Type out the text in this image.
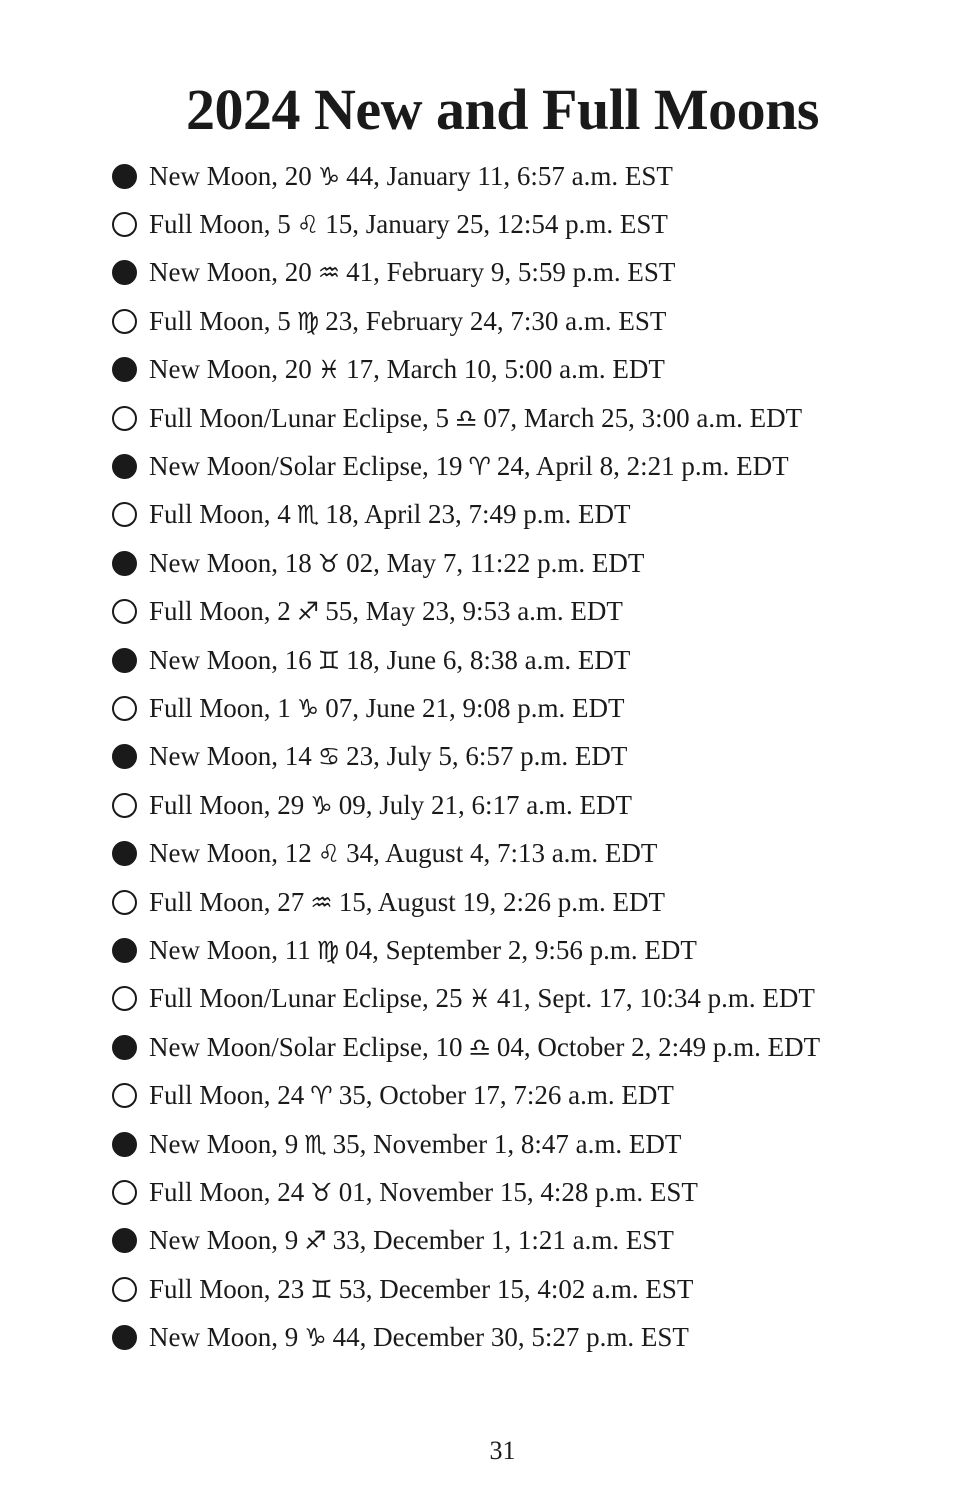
2024 New and Full Moons
New Moon, 20 ♑ 44, January 11, 6:57 a.m. EST
Full Moon, 5 ♌ 15, January 25, 12:54 p.m. EST
New Moon, 20 ♒ 41, February 9, 5:59 p.m. EST
Full Moon, 5 ♍ 23, February 24, 7:30 a.m. EST
New Moon, 20 ♓ 17, March 10, 5:00 a.m. EDT
Full Moon/Lunar Eclipse, 5 ♎ 07, March 25, 3:00 a.m. EDT
New Moon/Solar Eclipse, 19 ♈ 24, April 8, 2:21 p.m. EDT
Full Moon, 4 ♏ 18, April 23, 7:49 p.m. EDT
New Moon, 18 ♉ 02, May 7, 11:22 p.m. EDT
Full Moon, 2 ♐ 55, May 23, 9:53 a.m. EDT
New Moon, 16 ♊ 18, June 6, 8:38 a.m. EDT
Full Moon, 1 ♑ 07, June 21, 9:08 p.m. EDT
New Moon, 14 ♋ 23, July 5, 6:57 p.m. EDT
Full Moon, 29 ♑ 09, July 21, 6:17 a.m. EDT
New Moon, 12 ♌ 34, August 4, 7:13 a.m. EDT
Full Moon, 27 ♒ 15, August 19, 2:26 p.m. EDT
New Moon, 11 ♍ 04, September 2, 9:56 p.m. EDT
Full Moon/Lunar Eclipse, 25 ♓ 41, Sept. 17, 10:34 p.m. EDT
New Moon/Solar Eclipse, 10 ♎ 04, October 2, 2:49 p.m. EDT
Full Moon, 24 ♈ 35, October 17, 7:26 a.m. EDT
New Moon, 9 ♏ 35, November 1, 8:47 a.m. EDT
Full Moon, 24 ♉ 01, November 15, 4:28 p.m. EST
New Moon, 9 ♐ 33, December 1, 1:21 a.m. EST
Full Moon, 23 ♊ 53, December 15, 4:02 a.m. EST
New Moon, 9 ♑ 44, December 30, 5:27 p.m. EST
31
